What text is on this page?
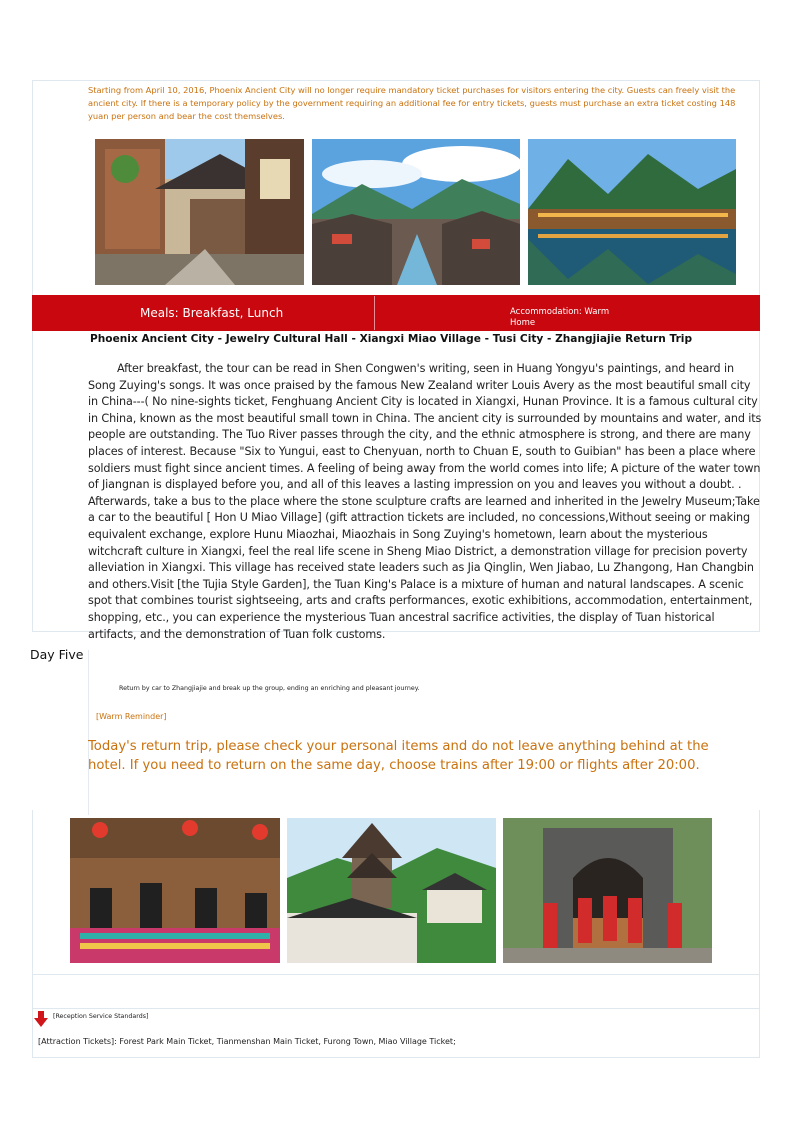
Starting from April 10, 2016, Phoenix Ancient City will no longer require mandatory ticket purchases for visitors entering the city. Guests can freely visit the ancient city. If there is a temporary policy by the government requiring an additional fee for entry tickets, guests must purchase an extra ticket costing 148 yuan per person and bear the cost themselves.

Meals: Breakfast, Lunch	Accommodation: Warm Home
Phoenix Ancient City - Jewelry Cultural Hall - Xiangxi Miao Village - Tusi City - Zhangjiajie Return Trip

After breakfast, the tour can be read in Shen Congwen's writing, seen in Huang Yongyu's paintings, and heard in Song Zuying's songs. It was once praised by the famous New Zealand writer Louis Avery as the most beautiful small city in China---( No nine-sights ticket, Fenghuang Ancient City is located in Xiangxi, Hunan Province. It is a famous cultural city in China, known as the most beautiful small town in China. The ancient city is surrounded by mountains and water, and its people are outstanding. The Tuo River passes through the city, and the ethnic atmosphere is strong, and there are many places of interest. Because "Six to Yungui, east to Chenyuan, north to Chuan E, south to Guibian" has been a place where soldiers must fight since ancient times. A feeling of being away from the world comes into life; A picture of the water town of Jiangnan is displayed before you, and all of this leaves a lasting impression on you and leaves you without a doubt. . Afterwards, take a bus to the place where the stone sculpture crafts are learned and inherited in the Jewelry Museum;Take a car to the beautiful [ Hon U Miao Village] (gift attraction tickets are included, no concessions,Without seeing or making equivalent exchange, explore Hunu Miaozhai, Miaozhais in Song Zuying's hometown, learn about the mysterious witchcraft culture in Xiangxi, feel the real life scene in Sheng Miao District, a demonstration village for precision poverty alleviation in Xiangxi. This village has received state leaders such as Jia Qinglin, Wen Jiabao, Lu Zhangong, Han Changbin and others.Visit [the Tujia Style Garden], the Tuan King's Palace is a mixture of human and natural landscapes. A scenic spot that combines tourist sightseeing, arts and crafts performances, exotic exhibitions, accommodation, entertainment, shopping, etc., you can experience the mysterious Tuan ancestral sacrifice activities, the display of Tuan historical artifacts, and the demonstration of Tuan folk customs.

Day Five
Return by car to Zhangjiajie and break up the group, ending an enriching and pleasant journey.
[Warm Reminder]

Today's return trip, please check your personal items and do not leave anything behind at the hotel. If you need to return on the same day, choose trains after 19:00 or flights after 20:00.

[Reception Service Standards]
[Attraction Tickets]: Forest Park Main Ticket, Tianmenshan Main Ticket, Furong Town, Miao Village Ticket;
